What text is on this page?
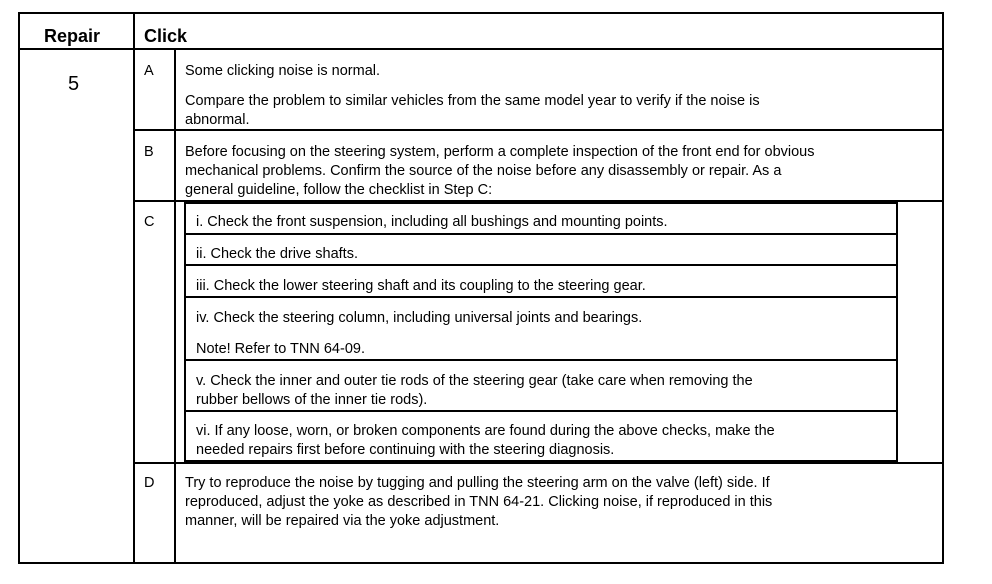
Repair Click
5
A Some clicking noise is normal.
Compare the problem to similar vehicles from the same model year to verify if the noise is
abnormal.
B Before focusing on the steering system, perform a complete inspection of the front end for obvious
mechanical problems. Confirm the source of the noise before any disassembly or repair. As a
general guideline, follow the checklist in Step C:
C	i. Check the front suspension, including all bushings and mounting points.
ii. Check the drive shafts.
iii. Check the lower steering shaft and its coupling to the steering gear.
iv. Check the steering column, including universal joints and bearings.
Note! Refer to TNN 64-09.
v. Check the inner and outer tie rods of the steering gear (take care when removing the
rubber bellows of the inner tie rods).
vi. If any loose, worn, or broken components are found during the above checks, make the
needed repairs first before continuing with the steering diagnosis.
D Try to reproduce the noise by tugging and pulling the steering arm on the valve (left) side. If
reproduced, adjust the yoke as described in TNN 64-21. Clicking noise, if reproduced in this
manner, will be repaired via the yoke adjustment.
